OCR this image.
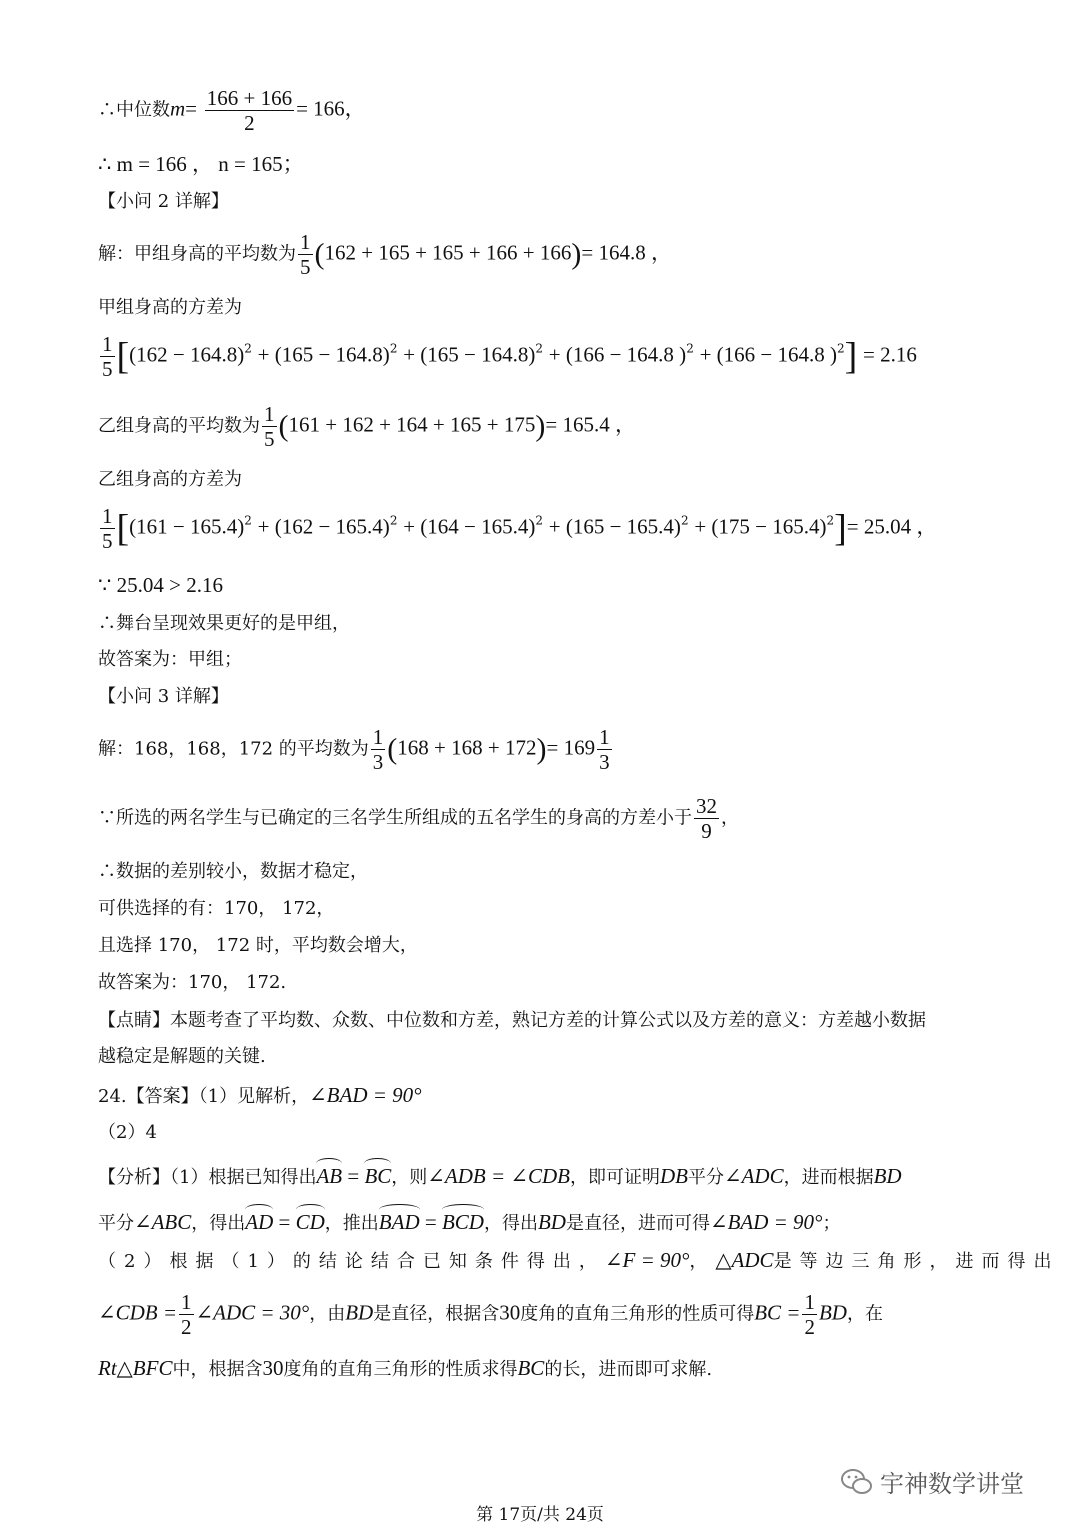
∴中位数$m= \frac{166 + 166}{2} = 166$，
∴ m = 166 ， n = 165；
【小问 2 详解】
解：甲组身高的平均数为 $\frac{1}{5} (162 + 165 + 165 + 166 + 166)= 164.8$ ，
甲组身高的方差为
$\frac{1}{5} [(162 - 164.8)^2 + (165 - 164.8)^2 + (165 - 164.8)^2 + (166 - 164.8$ )$^2$ + (166 − 164.8 )$^2$] = 2.16
乙组身高的平均数为 $\frac{1}{5} (161 + 162 + 164 + 165 + 175)= 165.4$ ，
乙组身高的方差为
$\frac{1}{5} [(161 - 165.4)^2 + (162 - 165.4)^2 + (164 - 165.4)^2 + (165 - 165.4)^2 + (175 - 165.4)^2]= 25.04$ ，
∵ 25.04 > 2.16
∴舞台呈现效果更好的是甲组，
故答案为：甲组；
【小问 3 详解】
解：168，168，172 的平均数为 $\frac{1}{3} (168 + 168 + 172)= 169 \frac{1}{3}$
∵所选的两名学生与已确定的三名学生所组成的五名学生的身高的方差小于 $\frac{32}{9}$ ，
∴数据的差别较小，数据才稳定，
可供选择的有：170， 172，
且选择 170， 172 时，平均数会增大，
故答案为：170， 172.
【点睛】本题考查了平均数、众数、中位数和方差，熟记方差的计算公式以及方差的意义：方差越小数据
越稳定是解题的关键.
24.【答案】（1）见解析，∠BAD = 90°
（2）4
【分析】（1）根据已知得出AB = BC，则∠ADB = ∠CDB，即可证明DB平分∠ADC，进而根据BD
平分∠ABC，得出AD = CD，推出BAD = BCD，得出BD是直径，进而可得∠BAD = 90°；
（2）根据（1）的结论结合已知条件得出，∠F = 90°，△ADC是等边三角形，进而得出
∠CDB = $\frac{1}{2}$ ∠ADC = 30°，由BD是直径，根据含30度角的直角三角形的性质可得BC = $\frac{1}{2}$ BD，在
Rt△BFC中，根据含30度角的直角三角形的性质求得BC的长，进而即可求解.
宇神数学讲堂
第 17页/共 24页
